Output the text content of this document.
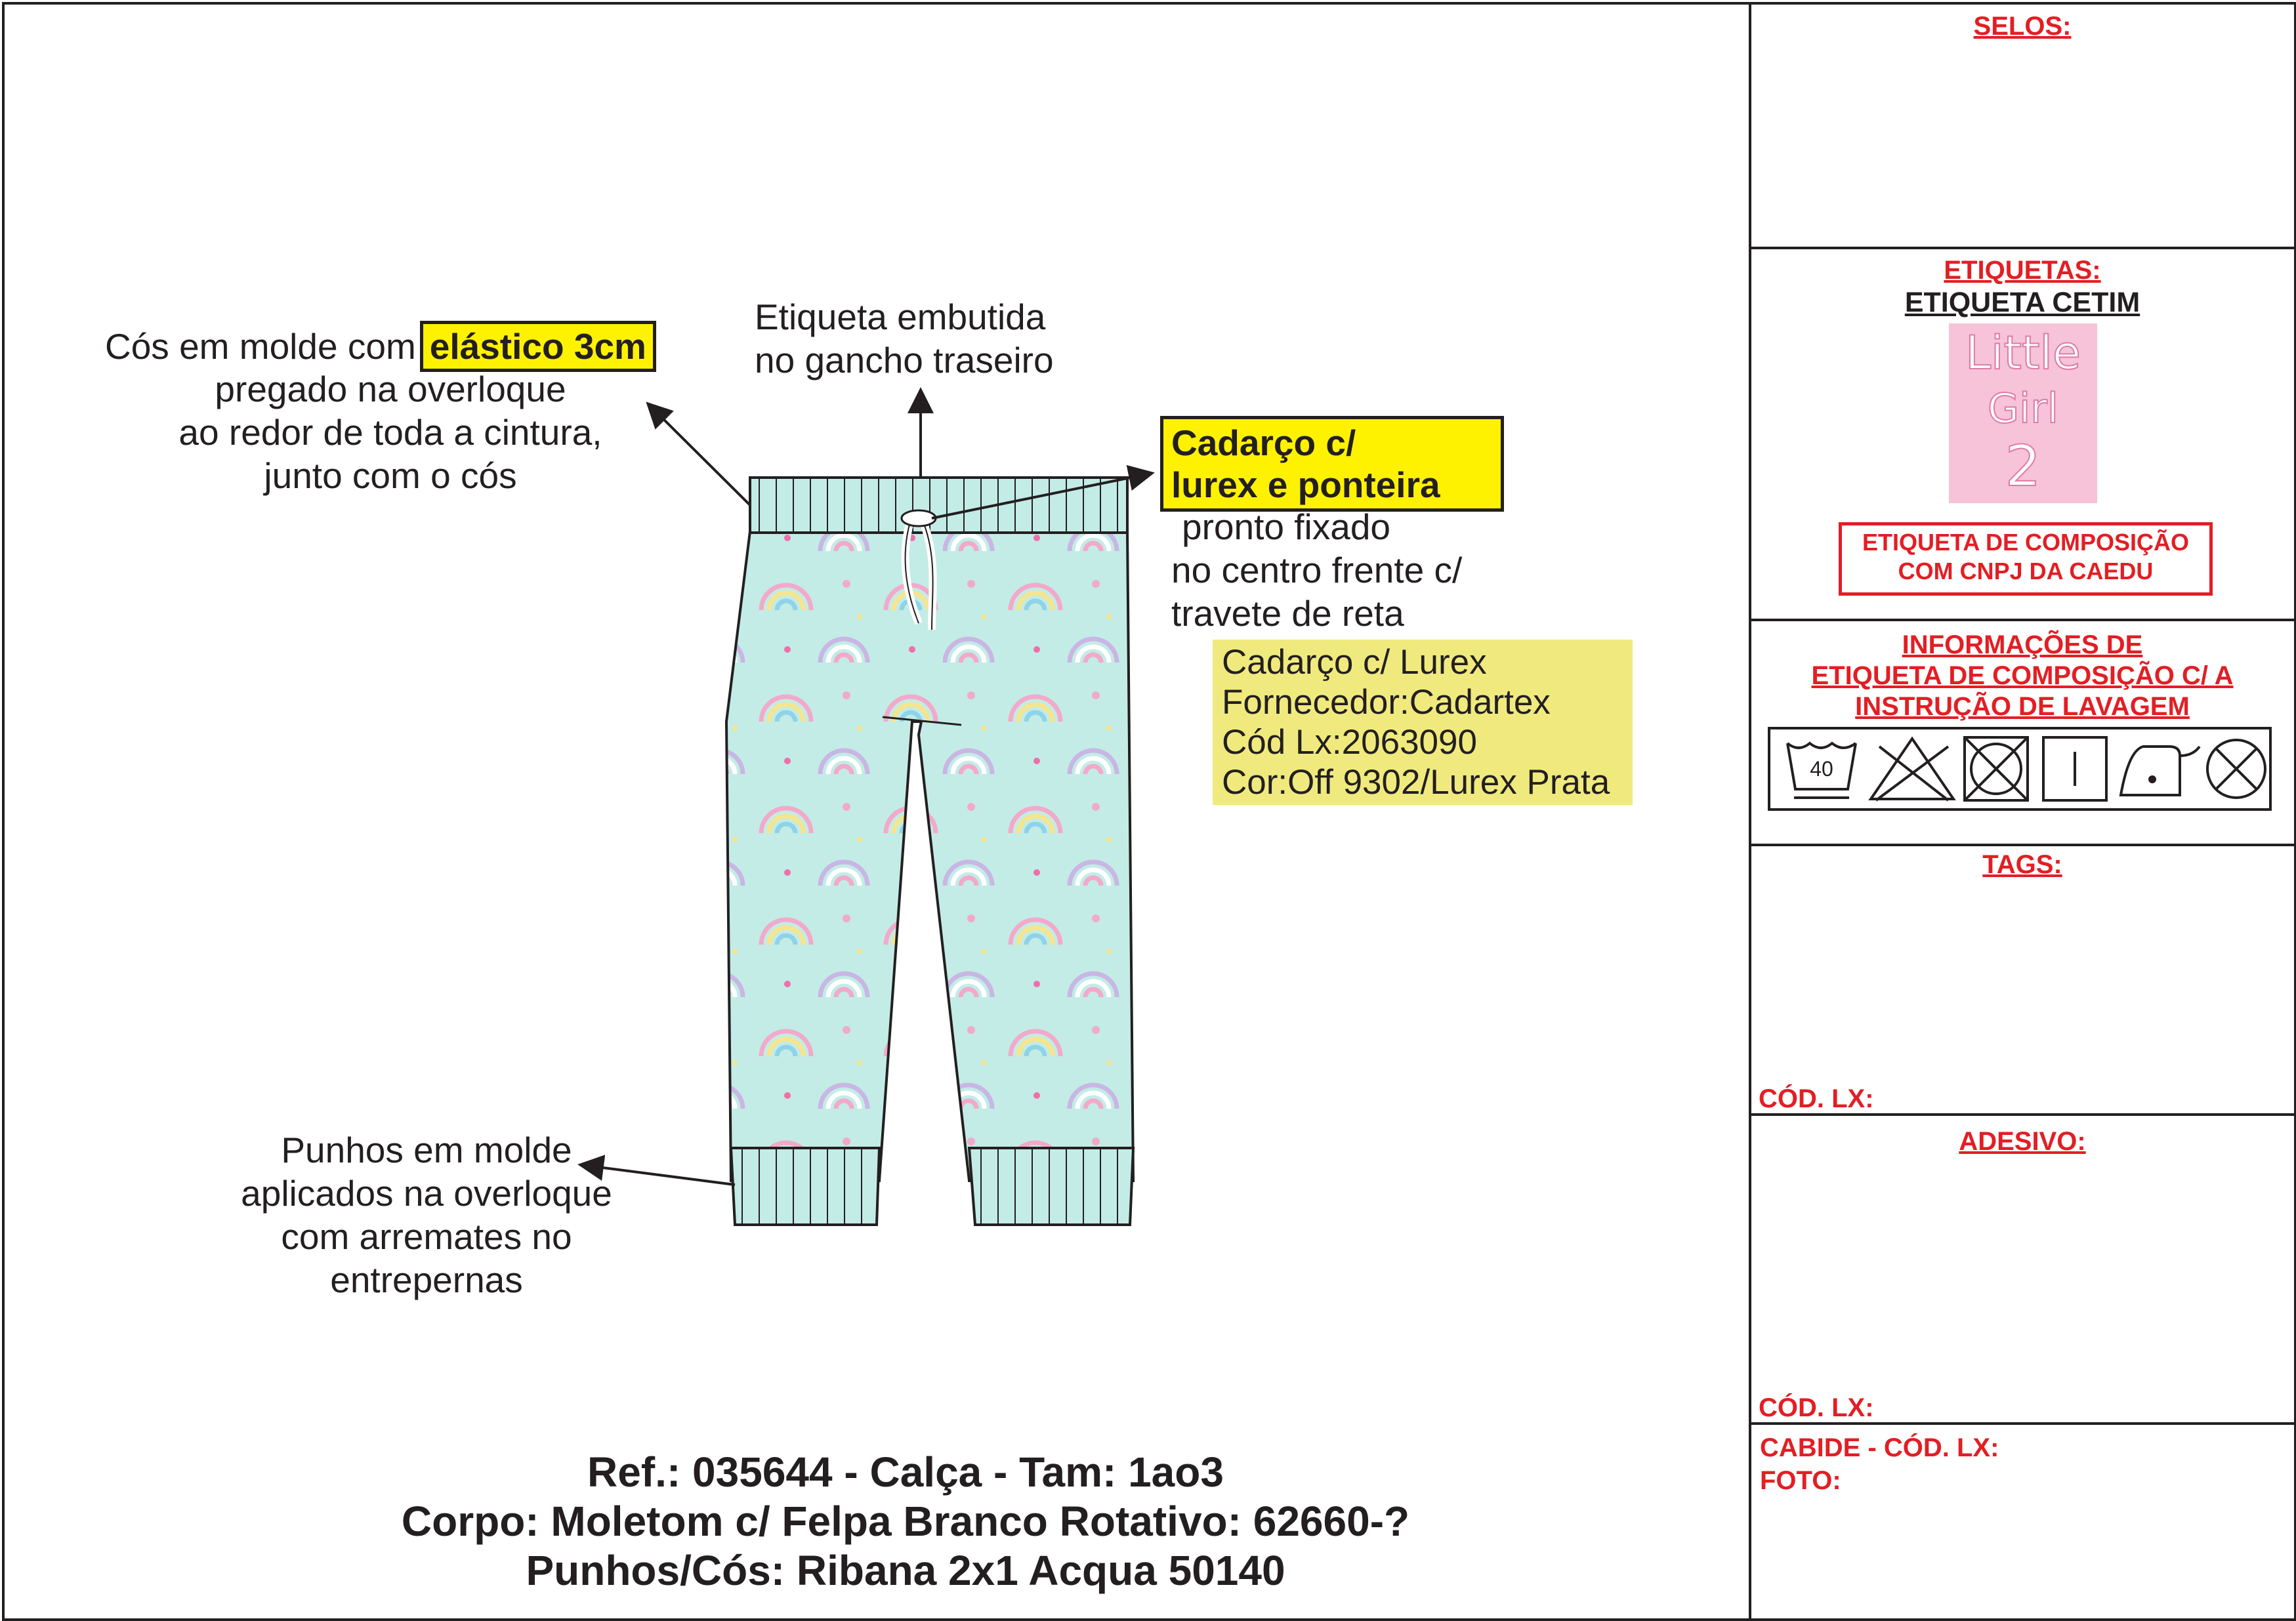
Cós em molde com elástico 3cm
pregado na overloque
ao redor de toda a cintura,
junto com o cós
Etiqueta embutida
no gancho traseiro
Cadarço c/
lurex e ponteira
pronto fixado
no centro frente c/
travete de reta
Cadarço c/ Lurex
Fornecedor:Cadartex
Cód Lx:2063090
Cor:Off 9302/Lurex Prata
Punhos em molde
aplicados na overloque
com arremates no
entrepernas
Ref.: 035644 - Calça - Tam: 1ao3
Corpo: Moletom c/ Felpa Branco Rotativo: 62660-?
Punhos/Cós: Ribana 2x1 Acqua 50140
SELOS:
ETIQUETAS:
ETIQUETA CETIM
Little
Girl
2
ETIQUETA DE COMPOSIÇÃO
COM CNPJ DA CAEDU
INFORMAÇÕES DE
ETIQUETA DE COMPOSIÇÃO C/ A
INSTRUÇÃO DE LAVAGEM
40
TAGS:
CÓD. LX:
ADESIVO:
CÓD. LX:
CABIDE - CÓD. LX:
FOTO:
